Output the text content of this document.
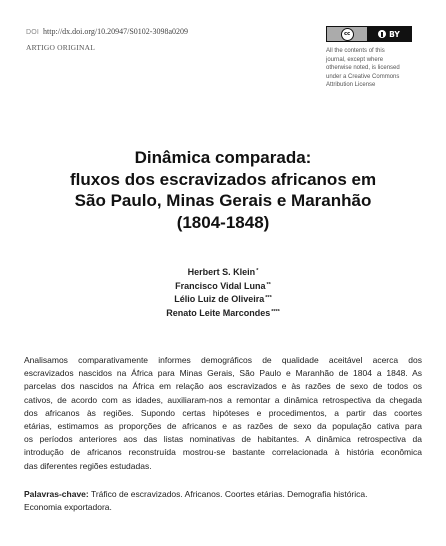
DOI http://dx.doi.org/10.20947/S0102-3098a0209
ARTIGO ORIGINAL
cc	BY
All the contents of this
journal, except where
otherwise noted, is licensed
under a Creative Commons
Attribution License
Dinâmica comparada:
fluxos dos escravizados africanos em
São Paulo, Minas Gerais e Maranhão
(1804-1848)
Herbert S. Klein*
Francisco Vidal Luna**
Lélio Luiz de Oliveira***
Renato Leite Marcondes****
Analisamos comparativamente informes demográficos de qualidade aceitável acerca dos
escravizados nascidos na África para Minas Gerais, São Paulo e Maranhão de 1804 a 1848. As
parcelas dos nascidos na África em relação aos escravizados e às razões de sexo de todos os
cativos, de acordo com as idades, auxiliaram-nos a remontar a dinâmica retrospectiva da chegada
dos africanos às regiões. Supondo certas hipóteses e procedimentos, a partir das coortes
etárias, estimamos as proporções de africanos e as razões de sexo da população cativa para
os períodos anteriores aos das listas nominativas de habitantes. A dinâmica retrospectiva da
introdução de africanos reconstruída mostrou-se bastante correlacionada à história econômica
das diferentes regiões estudadas.
Palavras-chave: Tráfico de escravizados. Africanos. Coortes etárias. Demografia histórica.
Economia exportadora.
